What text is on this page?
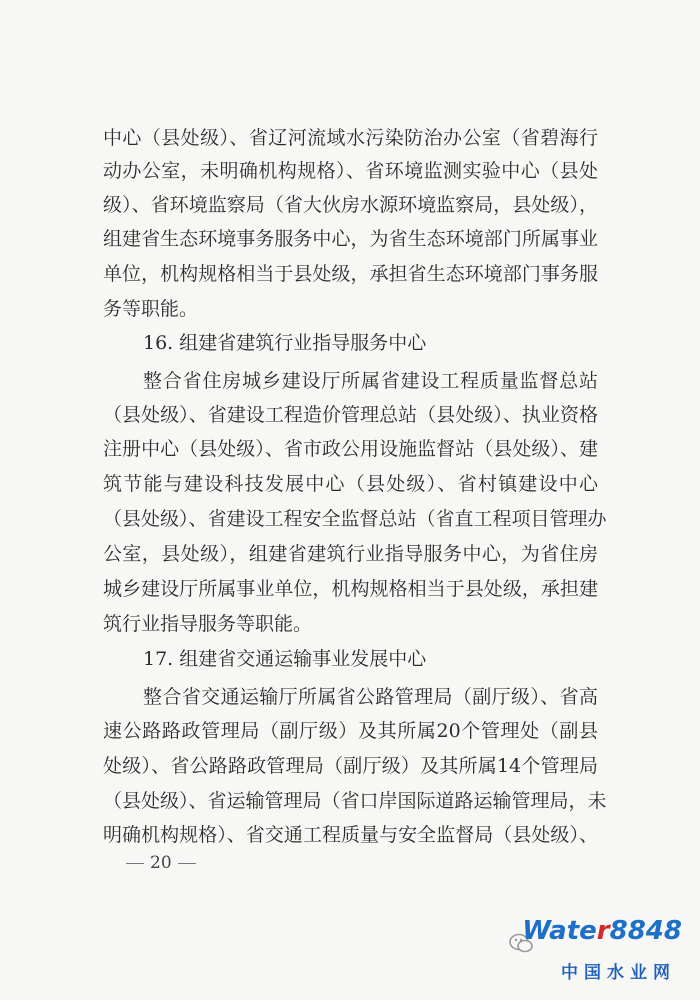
中心（县处级）、省辽河流域水污染防治办公室（省碧海行
动办公室，未明确机构规格）、省环境监测实验中心（县处
级）、省环境监察局（省大伙房水源环境监察局，县处级），
组建省生态环境事务服务中心，为省生态环境部门所属事业
单位，机构规格相当于县处级，承担省生态环境部门事务服
务等职能。
16. 组建省建筑行业指导服务中心
整合省住房城乡建设厅所属省建设工程质量监督总站
（县处级）、省建设工程造价管理总站（县处级）、执业资格
注册中心（县处级）、省市政公用设施监督站（县处级）、建
筑节能与建设科技发展中心（县处级）、省村镇建设中心
（县处级）、省建设工程安全监督总站（省直工程项目管理办
公室，县处级），组建省建筑行业指导服务中心，为省住房
城乡建设厅所属事业单位，机构规格相当于县处级，承担建
筑行业指导服务等职能。
17. 组建省交通运输事业发展中心
整合省交通运输厅所属省公路管理局（副厅级）、省高
速公路路政管理局（副厅级）及其所属20个管理处（副县
处级）、省公路路政管理局（副厅级）及其所属14个管理局
（县处级）、省运输管理局（省口岸国际道路运输管理局，未
明确机构规格）、省交通工程质量与安全监督局（县处级）、
20
Water8848
中国水业网
